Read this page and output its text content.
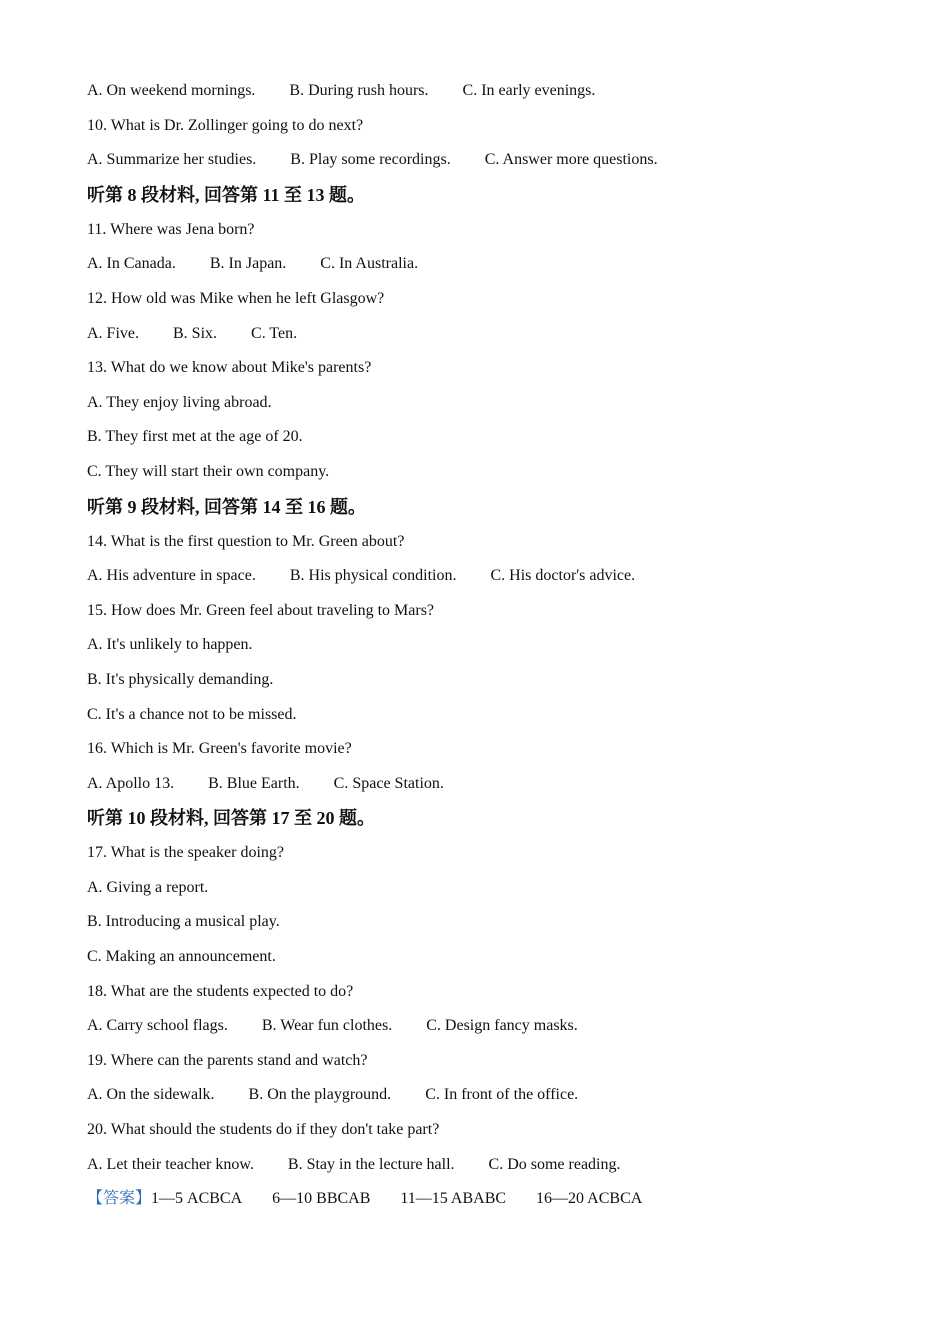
A. On weekend mornings. B. During rush hours. C. In early evenings.
10. What is Dr. Zollinger going to do next?
A. Summarize her studies. B. Play some recordings. C. Answer more questions.
听第 8 段材料, 回答第 11 至 13 题。
11. Where was Jena born?
A. In Canada. B. In Japan. C. In Australia.
12. How old was Mike when he left Glasgow?
A. Five. B. Six. C. Ten.
13. What do we know about Mike's parents?
A. They enjoy living abroad.
B. They first met at the age of 20.
C. They will start their own company.
听第 9 段材料, 回答第 14 至 16 题。
14. What is the first question to Mr. Green about?
A. His adventure in space. B. His physical condition. C. His doctor's advice.
15. How does Mr. Green feel about traveling to Mars?
A. It's unlikely to happen.
B. It's physically demanding.
C. It's a chance not to be missed.
16. Which is Mr. Green's favorite movie?
A. Apollo 13. B. Blue Earth. C. Space Station.
听第 10 段材料, 回答第 17 至 20 题。
17. What is the speaker doing?
A. Giving a report.
B. Introducing a musical play.
C. Making an announcement.
18. What are the students expected to do?
A. Carry school flags. B. Wear fun clothes. C. Design fancy masks.
19. Where can the parents stand and watch?
A. On the sidewalk. B. On the playground. C. In front of the office.
20. What should the students do if they don't take part?
A. Let their teacher know. B. Stay in the lecture hall. C. Do some reading.
【答案】1—5 ACBCA 6—10 BBCAB 11—15 ABABC 16—20 ACBCA
